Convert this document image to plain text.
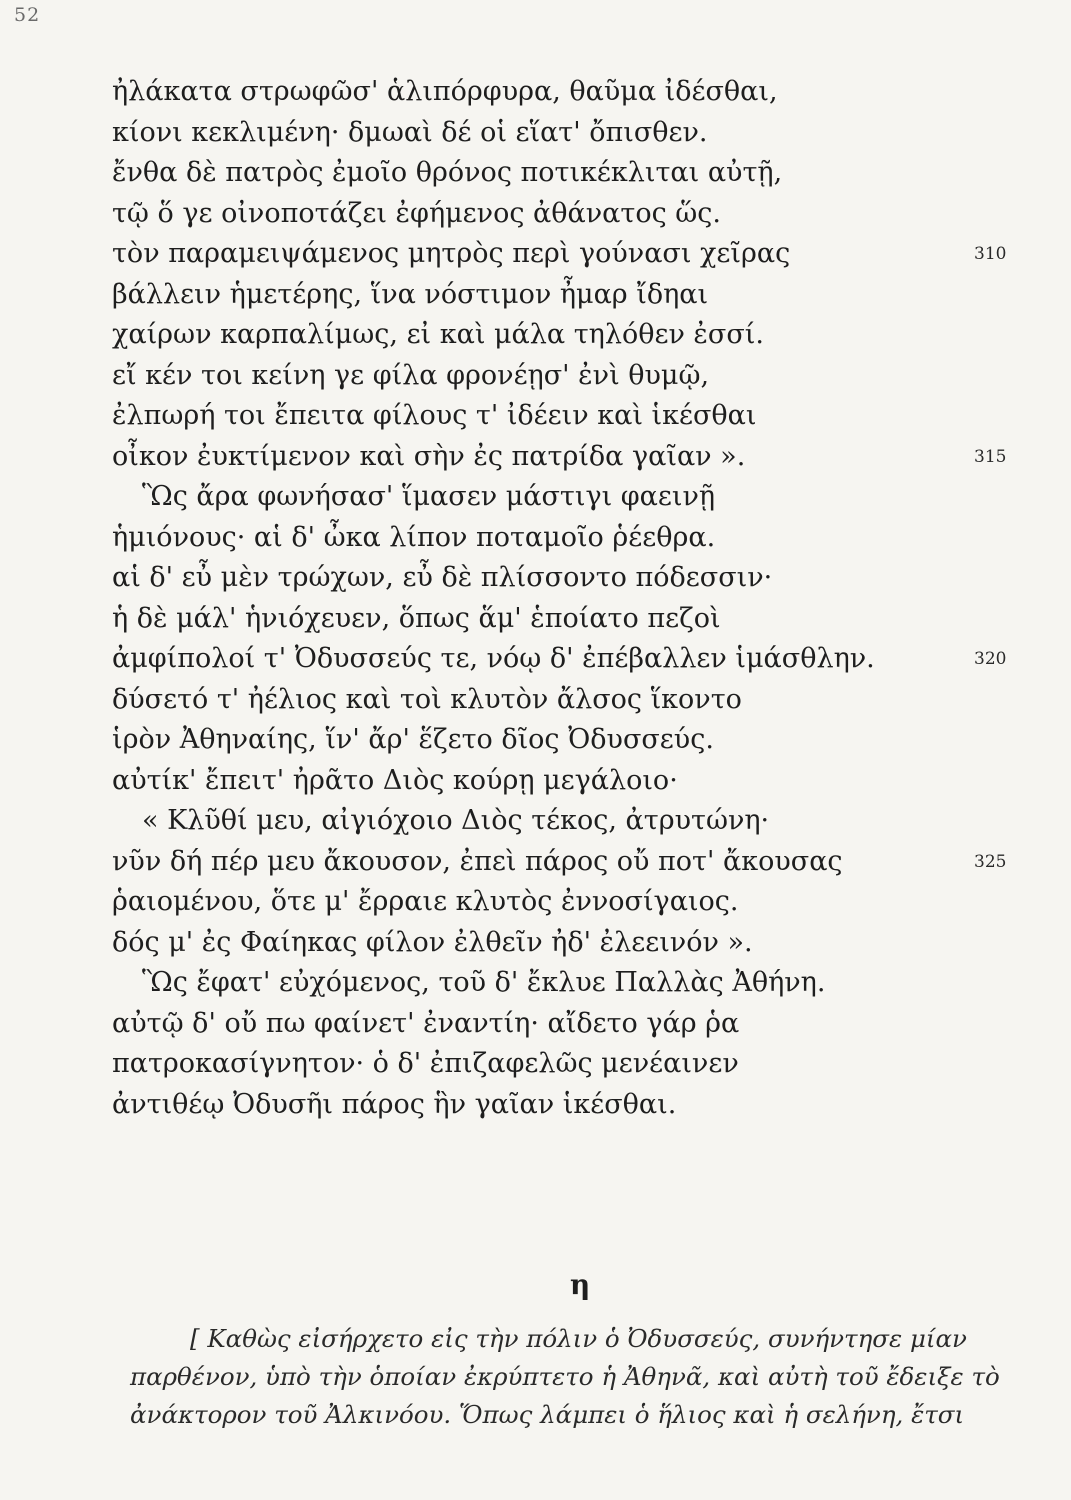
52
ἠλάκατα στρωφῶσ' ἁλιπόρφυρα, θαῦμα ἰδέσθαι,
κίονι κεκλιμένη· δμωαὶ δέ οἱ εἵατ' ὄπισθεν.
ἔνθα δὲ πατρὸς ἐμοῖο θρόνος ποτικέκλιται αὐτῇ,
τῷ ὅ γε οἰνοποτάζει ἐφήμενος ἀθάνατος ὥς.
τὸν παραμειψάμενος μητρὸς περὶ γούνασι χεῖρας	310
βάλλειν ἡμετέρης, ἵνα νόστιμον ἦμαρ ἴδηαι
χαίρων καρπαλίμως, εἰ καὶ μάλα τηλόθεν ἐσσί.
εἴ κέν τοι κείνη γε φίλα φρονέῃσ' ἐνὶ θυμῷ,
ἐλπωρή τοι ἔπειτα φίλους τ' ἰδέειν καὶ ἱκέσθαι
οἶκον ἐυκτίμενον καὶ σὴν ἐς πατρίδα γαῖαν ».	315
Ὣς ἄρα φωνήσασ' ἵμασεν μάστιγι φαεινῇ
ἡμιόνους· αἱ δ' ὦκα λίπον ποταμοῖο ῥέεθρα.
αἱ δ' εὖ μὲν τρώχων, εὖ δὲ πλίσσοντο πόδεσσιν·
ἡ δὲ μάλ' ἡνιόχευεν, ὅπως ἅμ' ἑποίατο πεζοὶ
ἀμφίπολοί τ' Ὀδυσσεύς τε, νόῳ δ' ἐπέβαλλεν ἱμάσθλην.	320
δύσετό τ' ἠέλιος καὶ τοὶ κλυτὸν ἄλσος ἵκοντο
ἱρὸν Ἀθηναίης, ἵν' ἄρ' ἕζετο δῖος Ὀδυσσεύς.
αὐτίκ' ἔπειτ' ἠρᾶτο Διὸς κούρῃ μεγάλοιο·
« Κλῦθί μευ, αἰγιόχοιο Διὸς τέκος, ἀτρυτώνη·
νῦν δή πέρ μευ ἄκουσον, ἐπεὶ πάρος οὔ ποτ' ἄκουσας	325
ῥαιομένου, ὅτε μ' ἔρραιε κλυτὸς ἐννοσίγαιος.
δός μ' ἐς Φαίηκας φίλον ἐλθεῖν ἠδ' ἐλεεινόν ».
Ὣς ἔφατ' εὐχόμενος, τοῦ δ' ἔκλυε Παλλὰς Ἀθήνη.
αὐτῷ δ' οὔ πω φαίνετ' ἐναντίη· αἴδετο γάρ ῥα
πατροκασίγνητον· ὁ δ' ἐπιζαφελῶς μενέαινεν
ἀντιθέῳ Ὀδυσῆι πάρος ἣν γαῖαν ἱκέσθαι.
η
[ Καθὼς εἰσήρχετο εἰς τὴν πόλιν ὁ Ὀδυσσεύς, συνήντησε μίαν
παρθένον, ὑπὸ τὴν ὁποίαν ἐκρύπτετο ἡ Ἀθηνᾶ, καὶ αὐτὴ τοῦ ἔδειξε τὸ
ἀνάκτορον τοῦ Ἀλκινόου. Ὅπως λάμπει ὁ ἥλιος καὶ ἡ σελήνη, ἔτσι
